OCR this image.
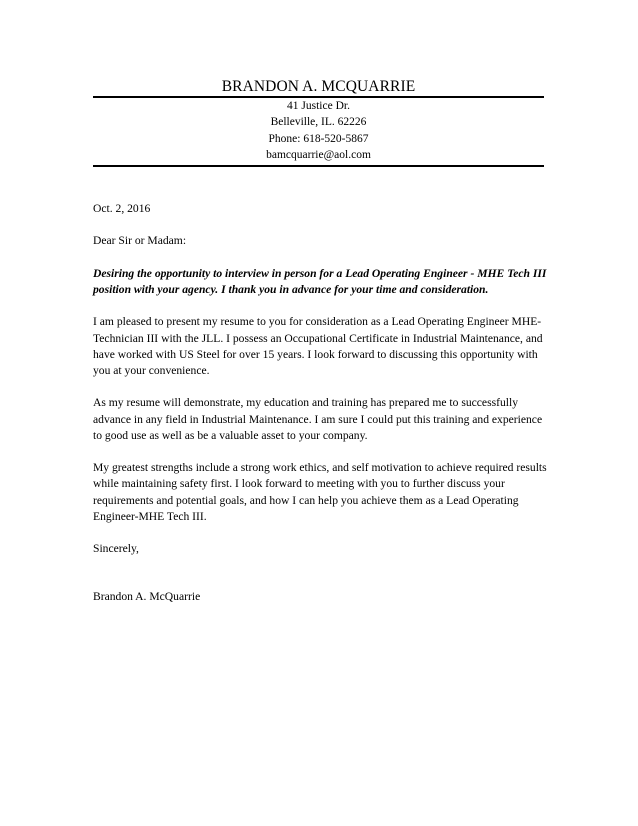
BRANDON A. MCQUARRIE
41 Justice Dr.
Belleville, IL. 62226
Phone: 618-520-5867
bamcquarrie@aol.com

Oct. 2, 2016

Dear Sir or Madam:

Desiring the opportunity to interview in person for a Lead Operating Engineer - MHE Tech III position with your agency. I thank you in advance for your time and consideration.

I am pleased to present my resume to you for consideration as a Lead Operating Engineer MHE-Technician III with the JLL. I possess an Occupational Certificate in Industrial Maintenance, and have worked with US Steel for over 15 years. I look forward to discussing this opportunity with you at your convenience.

As my resume will demonstrate, my education and training has prepared me to successfully advance in any field in Industrial Maintenance. I am sure I could put this training and experience to good use as well as be a valuable asset to your company.

My greatest strengths include a strong work ethics, and self motivation to achieve required results while maintaining safety first. I look forward to meeting with you to further discuss your requirements and potential goals, and how I can help you achieve them as a Lead Operating Engineer-MHE Tech III.

Sincerely,

Brandon A. McQuarrie
